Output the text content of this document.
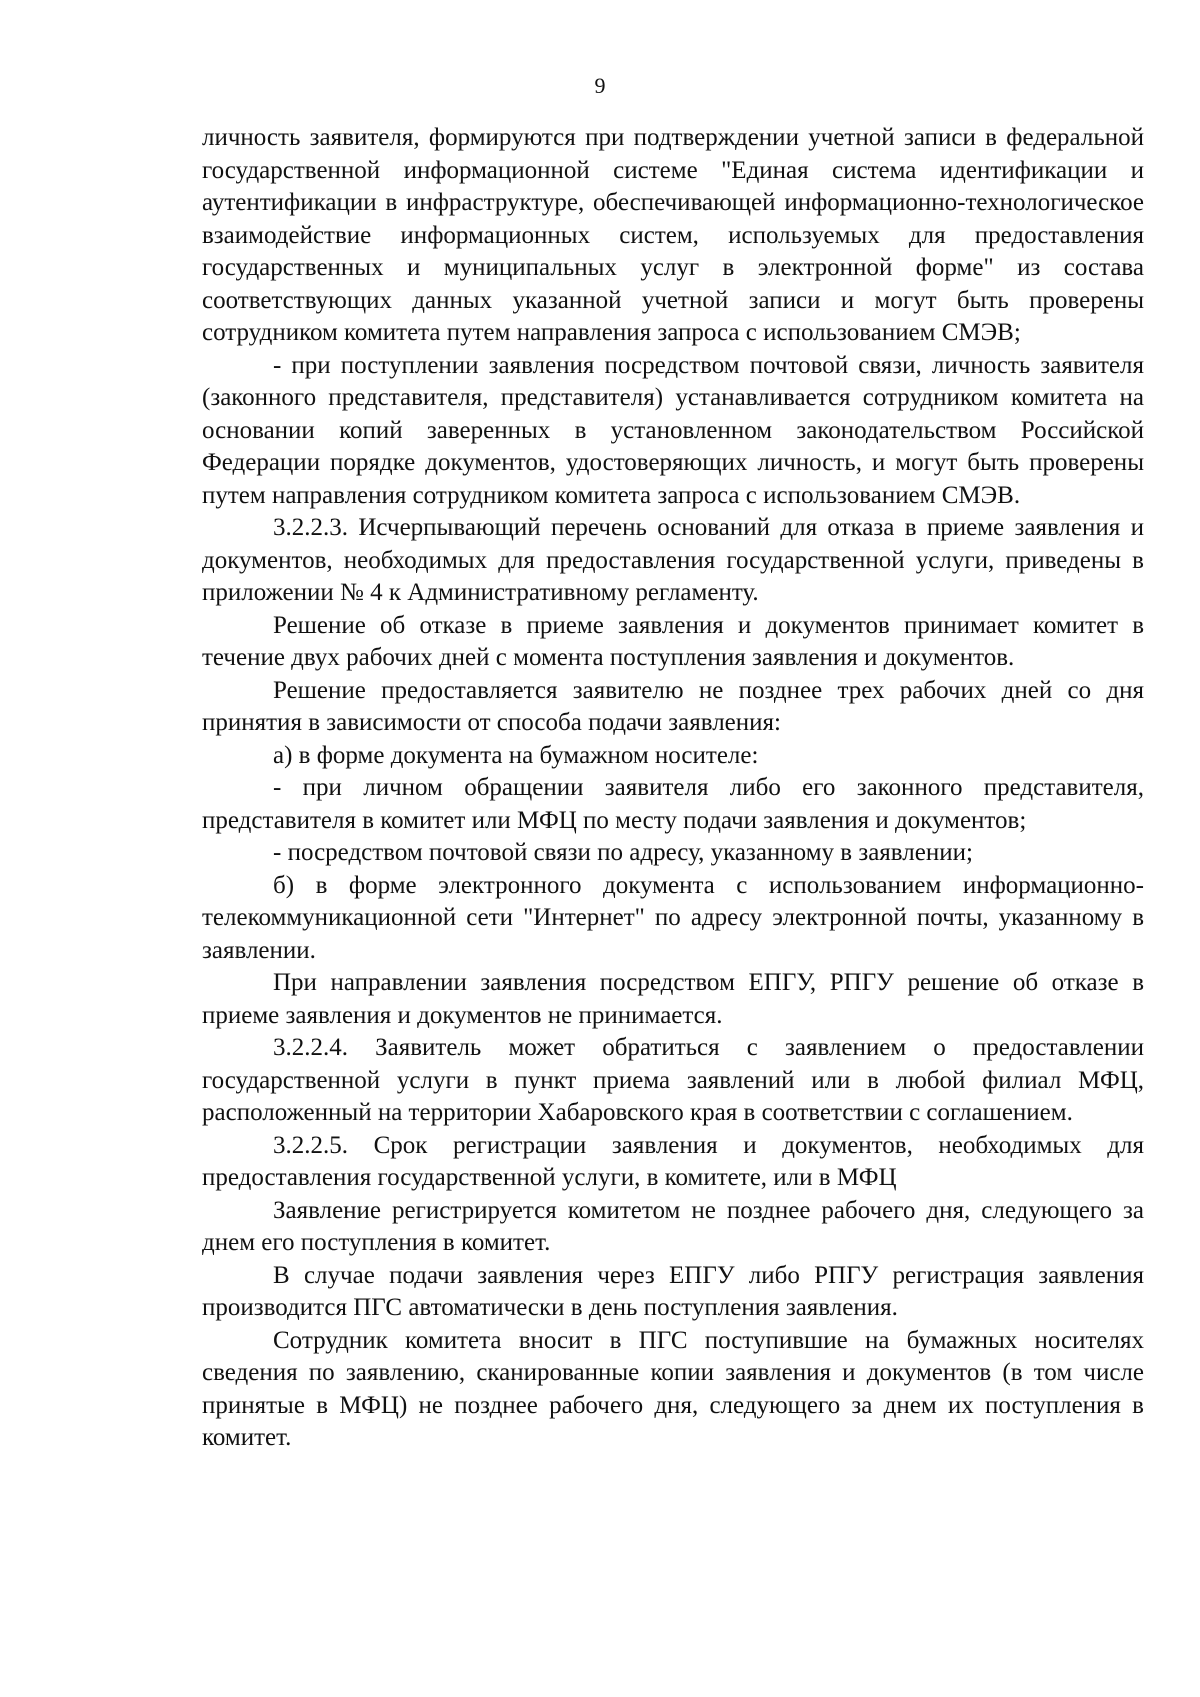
9

личность заявителя, формируются при подтверждении учетной записи в федеральной государственной информационной системе "Единая система идентификации и аутентификации в инфраструктуре, обеспечивающей информационно-технологическое взаимодействие информационных систем, используемых для предоставления государственных и муниципальных услуг в электронной форме" из состава соответствующих данных указанной учетной записи и могут быть проверены сотрудником комитета путем направления запроса с использованием СМЭВ;

- при поступлении заявления посредством почтовой связи, личность заявителя (законного представителя, представителя) устанавливается сотрудником комитета на основании копий заверенных в установленном законодательством Российской Федерации порядке документов, удостоверяющих личность, и могут быть проверены путем направления сотрудником комитета запроса с использованием СМЭВ.

3.2.2.3. Исчерпывающий перечень оснований для отказа в приеме заявления и документов, необходимых для предоставления государственной услуги, приведены в приложении № 4 к Административному регламенту.

Решение об отказе в приеме заявления и документов принимает комитет в течение двух рабочих дней с момента поступления заявления и документов.

Решение предоставляется заявителю не позднее трех рабочих дней со дня принятия в зависимости от способа подачи заявления:

а) в форме документа на бумажном носителе:

- при личном обращении заявителя либо его законного представителя, представителя в комитет или МФЦ по месту подачи заявления и документов;

- посредством почтовой связи по адресу, указанному в заявлении;

б) в форме электронного документа с использованием информационно-телекоммуникационной сети "Интернет" по адресу электронной почты, указанному в заявлении.

При направлении заявления посредством ЕПГУ, РПГУ решение об отказе в приеме заявления и документов не принимается.

3.2.2.4. Заявитель может обратиться с заявлением о предоставлении государственной услуги в пункт приема заявлений или в любой филиал МФЦ, расположенный на территории Хабаровского края в соответствии с соглашением.

3.2.2.5. Срок регистрации заявления и документов, необходимых для предоставления государственной услуги, в комитете, или в МФЦ

Заявление регистрируется комитетом не позднее рабочего дня, следующего за днем его поступления в комитет.

В случае подачи заявления через ЕПГУ либо РПГУ регистрация заявления производится ПГС автоматически в день поступления заявления.

Сотрудник комитета вносит в ПГС поступившие на бумажных носителях сведения по заявлению, сканированные копии заявления и документов (в том числе принятые в МФЦ) не позднее рабочего дня, следующего за днем их поступления в комитет.
